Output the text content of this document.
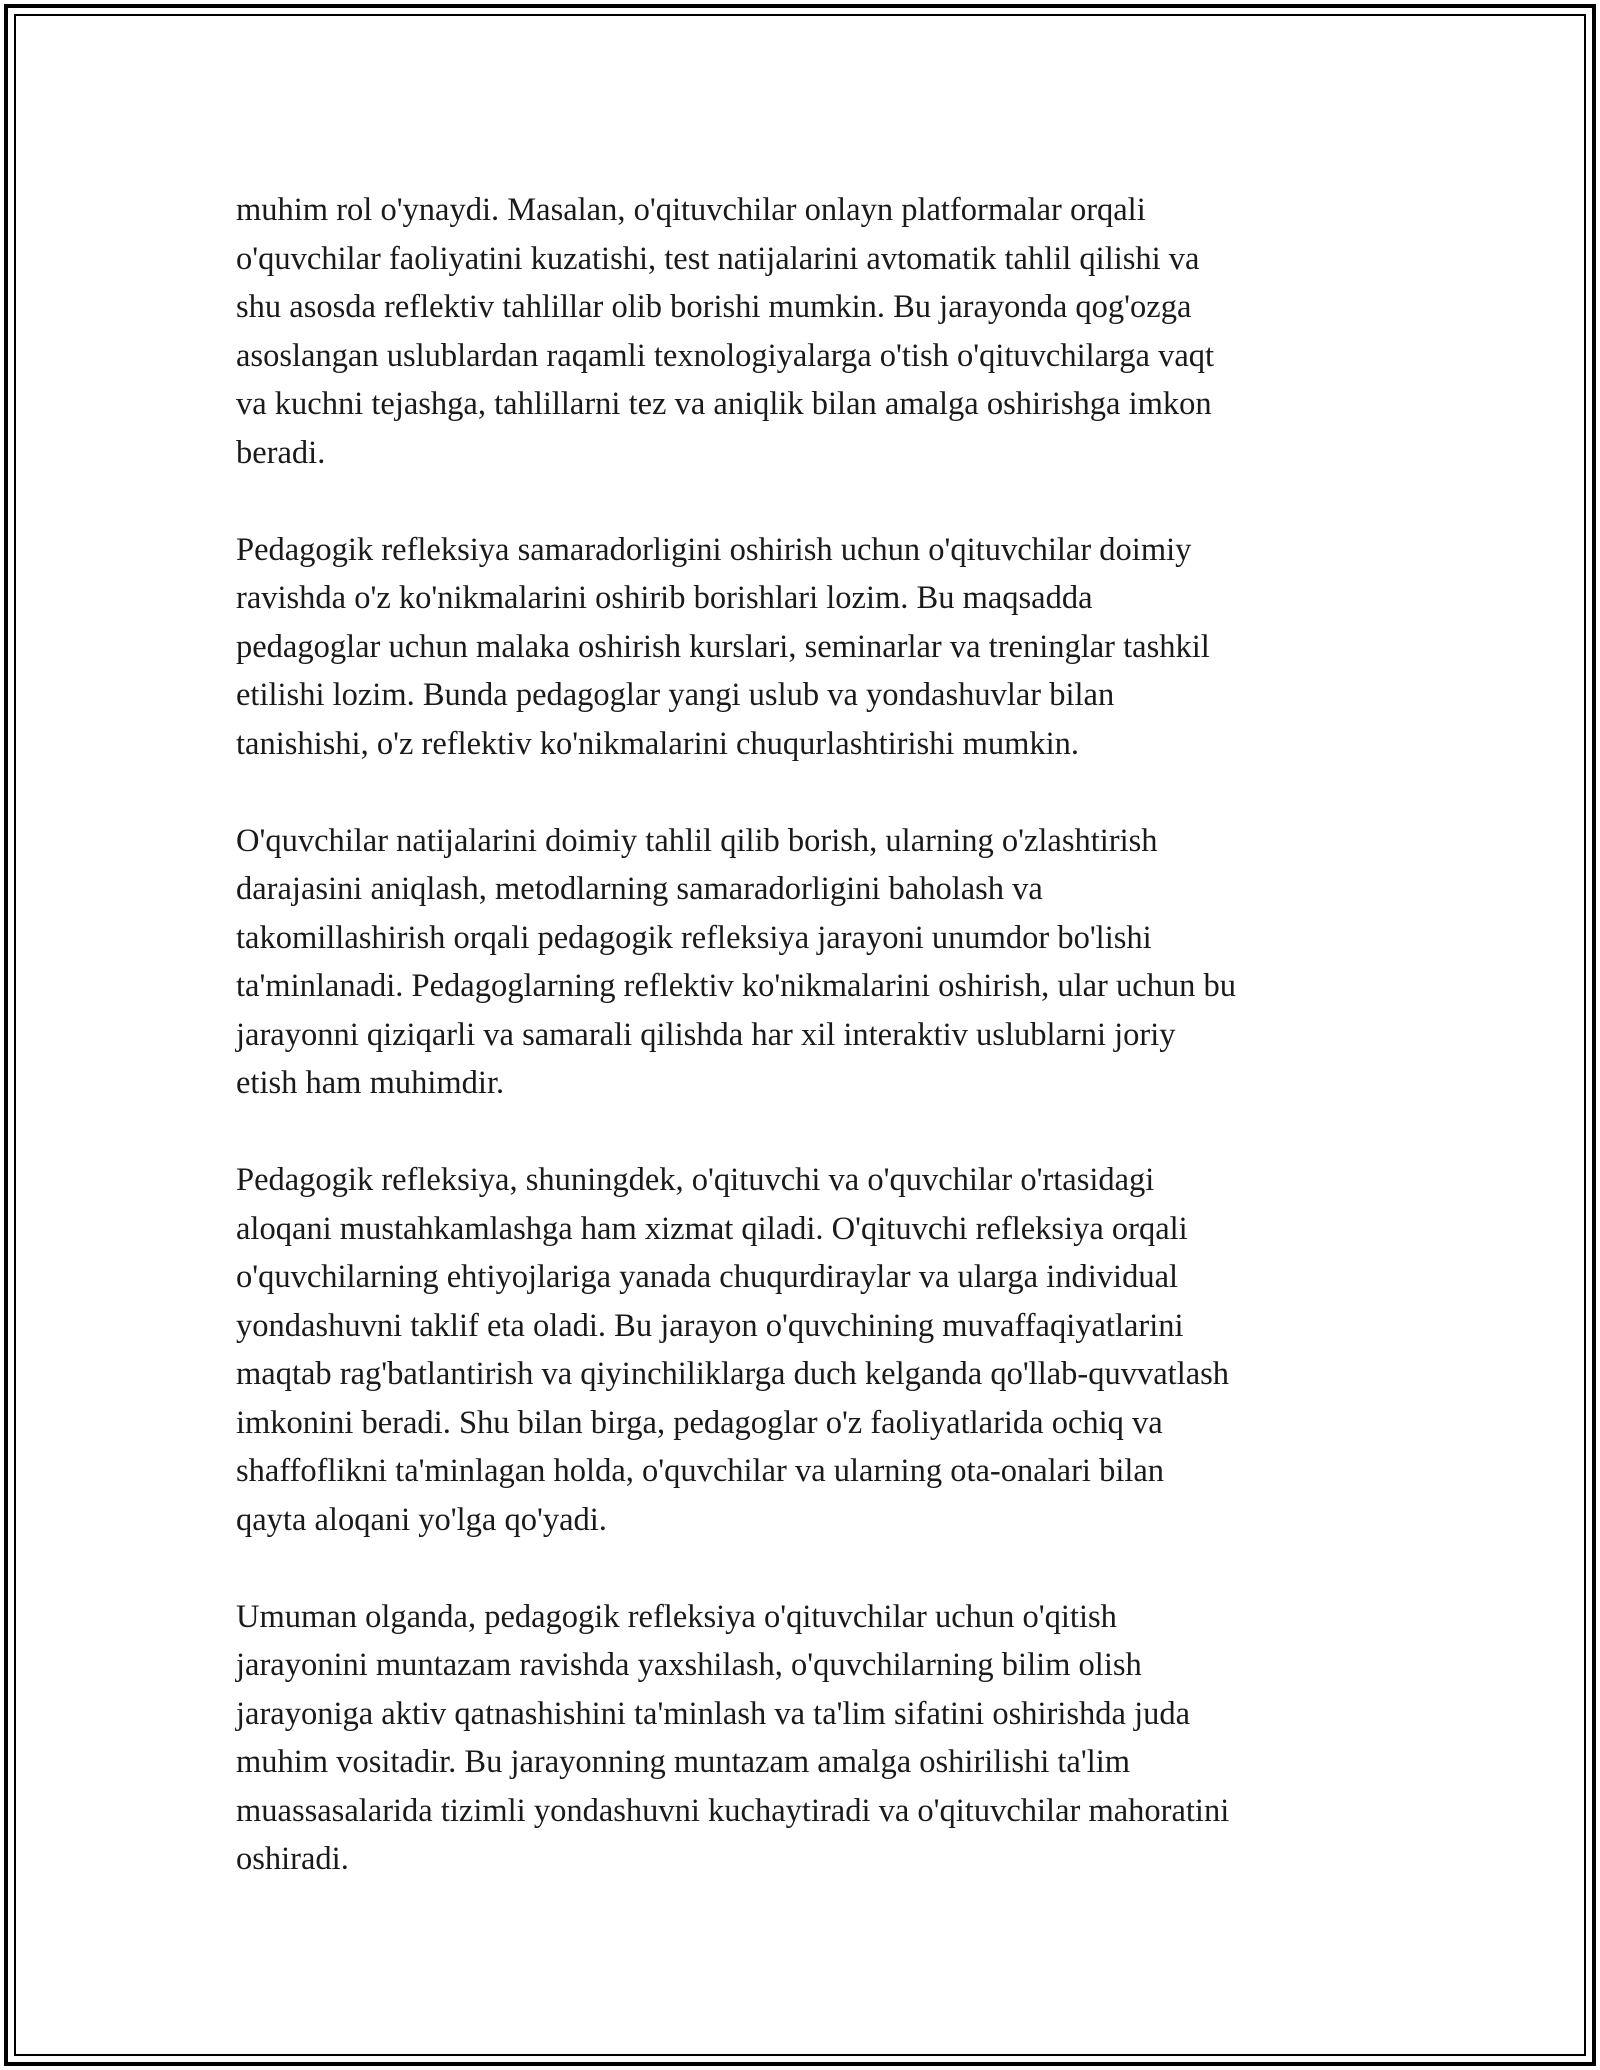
muhim rol o'ynaydi. Masalan, o'qituvchilar onlayn platformalar orqali
o'quvchilar faoliyatini kuzatishi, test natijalarini avtomatik tahlil qilishi va
shu asosda reflektiv tahlillar olib borishi mumkin. Bu jarayonda qog'ozga
asoslangan uslublardan raqamli texnologiyalarga o'tish o'qituvchilarga vaqt
va kuchni tejashga, tahlillarni tez va aniqlik bilan amalga oshirishga imkon
beradi.

Pedagogik refleksiya samaradorligini oshirish uchun o'qituvchilar doimiy
ravishda o'z ko'nikmalarini oshirib borishlari lozim. Bu maqsadda
pedagoglar uchun malaka oshirish kurslari, seminarlar va treninglar tashkil
etilishi lozim. Bunda pedagoglar yangi uslub va yondashuvlar bilan
tanishishi, o'z reflektiv ko'nikmalarini chuqurlashtirishi mumkin.

O'quvchilar natijalarini doimiy tahlil qilib borish, ularning o'zlashtirish
darajasini aniqlash, metodlarning samaradorligini baholash va
takomillashirish orqali pedagogik refleksiya jarayoni unumdor bo'lishi
ta'minlanadi. Pedagoglarning reflektiv ko'nikmalarini oshirish, ular uchun bu
jarayonni qiziqarli va samarali qilishda har xil interaktiv uslublarni joriy
etish ham muhimdir.

Pedagogik refleksiya, shuningdek, o'qituvchi va o'quvchilar o'rtasidagi
aloqani mustahkamlashga ham xizmat qiladi. O'qituvchi refleksiya orqali
o'quvchilarning ehtiyojlariga yanada chuqurdiraylar va ularga individual
yondashuvni taklif eta oladi. Bu jarayon o'quvchining muvaffaqiyatlarini
maqtab rag'batlantirish va qiyinchiliklarga duch kelganda qo'llab-quvvatlash
imkonini beradi. Shu bilan birga, pedagoglar o'z faoliyatlarida ochiq va
shaffoflikni ta'minlagan holda, o'quvchilar va ularning ota-onalari bilan
qayta aloqani yo'lga qo'yadi.

Umuman olganda, pedagogik refleksiya o'qituvchilar uchun o'qitish
jarayonini muntazam ravishda yaxshilash, o'quvchilarning bilim olish
jarayoniga aktiv qatnashishini ta'minlash va ta'lim sifatini oshirishda juda
muhim vositadir. Bu jarayonning muntazam amalga oshirilishi ta'lim
muassasalarida tizimli yondashuvni kuchaytiradi va o'qituvchilar mahoratini
oshiradi.
